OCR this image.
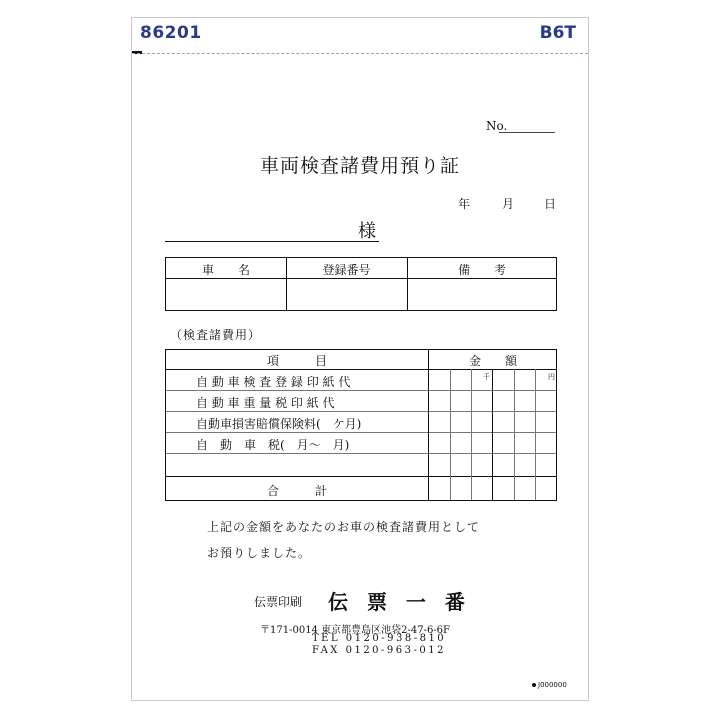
86201	B6T
No.
車両検査諸費用預り証
年	月 日
様
車　　名	登録番号	備　　考
（検査諸費用）
項　　　目	金　　額
千	円
自 動 車 検 査 登 録 印 紙 代
自 動 車 重 量 税 印 紙 代
自動車損害賠償保険料(　ケ月)
自　動　車　税(　月～　月)
合　　　計
上記の金額をあなたのお車の検査諸費用として
お預りしました。
伝票印刷 伝 票 一 番
〒171-0014 東京都豊島区池袋2-47-6-6F
TEL 0120-938-810
FAX 0120-963-012
J000000
